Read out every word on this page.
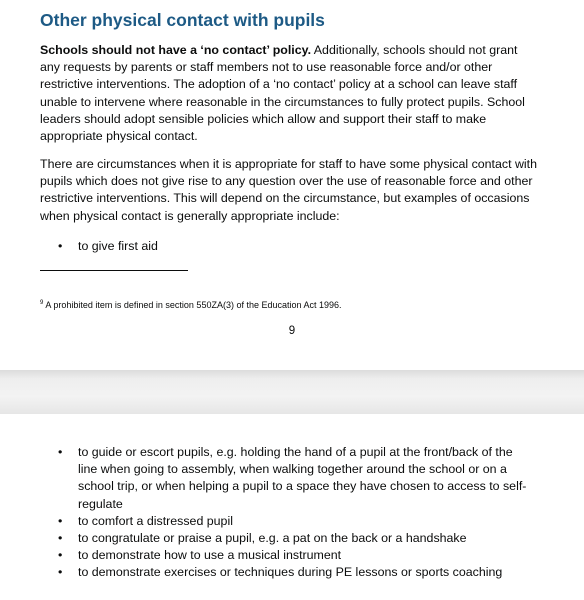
Other physical contact with pupils
Schools should not have a ‘no contact’ policy. Additionally, schools should not grant any requests by parents or staff members not to use reasonable force and/or other restrictive interventions. The adoption of a ‘no contact’ policy at a school can leave staff unable to intervene where reasonable in the circumstances to fully protect pupils. School leaders should adopt sensible policies which allow and support their staff to make appropriate physical contact.
There are circumstances when it is appropriate for staff to have some physical contact with pupils which does not give rise to any question over the use of reasonable force and other restrictive interventions. This will depend on the circumstance, but examples of occasions when physical contact is generally appropriate include:
• to give first aid
$^9$ A prohibited item is defined in section 550ZA(3) of the Education Act 1996.
9
• to guide or escort pupils, e.g. holding the hand of a pupil at the front/back of the line when going to assembly, when walking together around the school or on a school trip, or when helping a pupil to a space they have chosen to access to self-regulate
• to comfort a distressed pupil
• to congratulate or praise a pupil, e.g. a pat on the back or a handshake
• to demonstrate how to use a musical instrument
• to demonstrate exercises or techniques during PE lessons or sports coaching
